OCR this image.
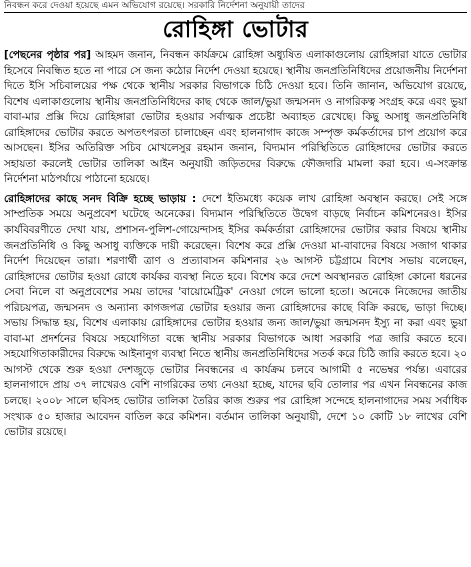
নিবন্ধন করে দেওয়া হয়েছে এমন অভিযোগ রয়েছে। সরকারি নির্দেশনা অনুযায়ী তাদের
রোহিঙ্গা ভোটার

[পেছনের পৃষ্ঠার পর] আহমদ জনান, নিবন্ধন কার্যক্রমে রোহিঙ্গা অধ্যুষিত এলাকাগুলোয় রোহিঙ্গারা যাতে ভোটার হিসেবে নিবন্ধিত হতে না পারে সে জন্য কঠোর নির্দেশ দেওয়া হয়েছে। স্থানীয় জনপ্রতিনিধিদের প্রয়োজনীয় নির্দেশনা দিতে ইসি সচিবালয়ের পক্ষ থেকে স্থানীয় সরকার বিভাগকে চিঠি দেওয়া হবে। তিনি জানান, অভিযোগ রয়েছে, বিশেষ এলাকাগুলোয় স্থানীয় জনপ্রতিনিধিদের কাছ থেকে জাল/ভুয়া জন্মসনদ ও নাগরিকত্ব সংগ্রহ করে এবং ভুয়া বাবা-মার প্রক্সি দিয়ে রোহিঙ্গারা ভোটার হওয়ার সর্বাত্মক প্রচেষ্টা অব্যাহত রেখেছে। কিছু অসাধু জনপ্রতিনিধি রোহিঙ্গাদের ভোটার করতে অপতৎপরতা চালাচ্ছেন এবং হালনাগাদ কাজে সম্পৃক্ত কর্মকর্তাদের চাপ প্রয়োগ করে আসছেন। ইসির অতিরিক্ত সচিব মোখলেসুর রহমান জনান, বিদ্যমান পরিস্থিতিতে রোহিঙ্গাদের ভোটার করতে সহায়তা করলেই ভোটার তালিকা আইন অনুযায়ী জড়িতদের বিরুদ্ধে ফৌজদারি মামলা করা হবে। এ-সংক্রান্ত নির্দেশনা মাঠপর্যায়ে পাঠানো হয়েছে।

রোহিঙ্গাদের কাছে সনদ বিক্রি হচ্ছে ভাড়ায় : দেশে ইতিমধ্যে কয়েক লাখ রোহিঙ্গা অবস্থান করছে। সেই সঙ্গে সাম্প্রতিক সময়ে অনুপ্রবেশ ঘটেছে অনেকের। বিদ্যমান পরিস্থিতিতে উদ্বেগ বাড়ছে নির্বাচন কমিশনেরও। ইসির কার্যবিবরণীতে দেখা যায়, প্রশাসন-পুলিশ-গোয়েন্দাসহ ইসির কর্মকর্তারা রোহিঙ্গাদের ভোটার করার বিষয়ে স্থানীয় জনপ্রতিনিধি ও কিছু অসাধু ব্যক্তিকে দায়ী করেছেন। বিশেষ করে প্রক্সি দেওয়া মা-বাবাদের বিষয়ে সজাগ থাকার নির্দেশ দিয়েছেন তারা। শরণার্থী ত্রাণ ও প্রত্যাবাসন কমিশনার ২৬ আগস্ট চট্টগ্রামে বিশেষ সভায় বলেছেন, রোহিঙ্গাদের ভোটার হওয়া রোধে কার্যকর ব্যবস্থা নিতে হবে। বিশেষ করে দেশে অবস্থানরত রোহিঙ্গা কোনো ধরনের সেবা নিলে বা অনুপ্রবেশের সময় তাদের 'বায়োমেট্রিক' নেওয়া গেলে ভালো হতো। অনেকে নিজেদের জাতীয় পরিচয়পত্র, জন্মসনদ ও অন্যান্য কাগজপত্র ভোটার হওয়ার জন্য রোহিঙ্গাদের কাছে বিক্রি করছে, ভাড়া দিচ্ছে। সভায় সিদ্ধান্ত হয়, বিশেষ এলাকায় রোহিঙ্গাদের ভোটার হওয়ার জন্য জাল/ভুয়া জন্মসনদ ইস্যু না করা এবং ভুয়া বাবা-মা প্রদর্শনের বিষয়ে সহযোগিতা বন্ধে স্থানীয় সরকার বিভাগকে আধা সরকারি পত্র জারি করতে হবে। সহযোগিতাকারীদের বিরুদ্ধে আইনানুগ ব্যবস্থা নিতে স্থানীয় জনপ্রতিনিধিদের সতর্ক করে চিঠি জারি করতে হবে। ২০ আগস্ট থেকে শুরু হওয়া দেশজুড়ে ভোটার নিবন্ধনের এ কার্যক্রম চলবে আগামী ৫ নভেম্বর পর্যন্ত। এবারের হালনাগাদে প্রায় ৩৭ লাখেরও বেশি নাগরিকের তথ্য নেওয়া হচ্ছে, যাদের ছবি তোলার পর এখন নিবন্ধনের কাজ চলছে। ২০০৮ সালে ছবিসহ ভোটার তালিকা তৈরির কাজ শুরুর পর রোহিঙ্গা সন্দেহে হালনাগাদের সময় সর্বাধিক সংখ্যক ৫০ হাজার আবেদন বাতিল করে কমিশন। বর্তমান তালিকা অনুযায়ী, দেশে ১০ কোটি ১৮ লাখের বেশি ভোটার রয়েছে।
